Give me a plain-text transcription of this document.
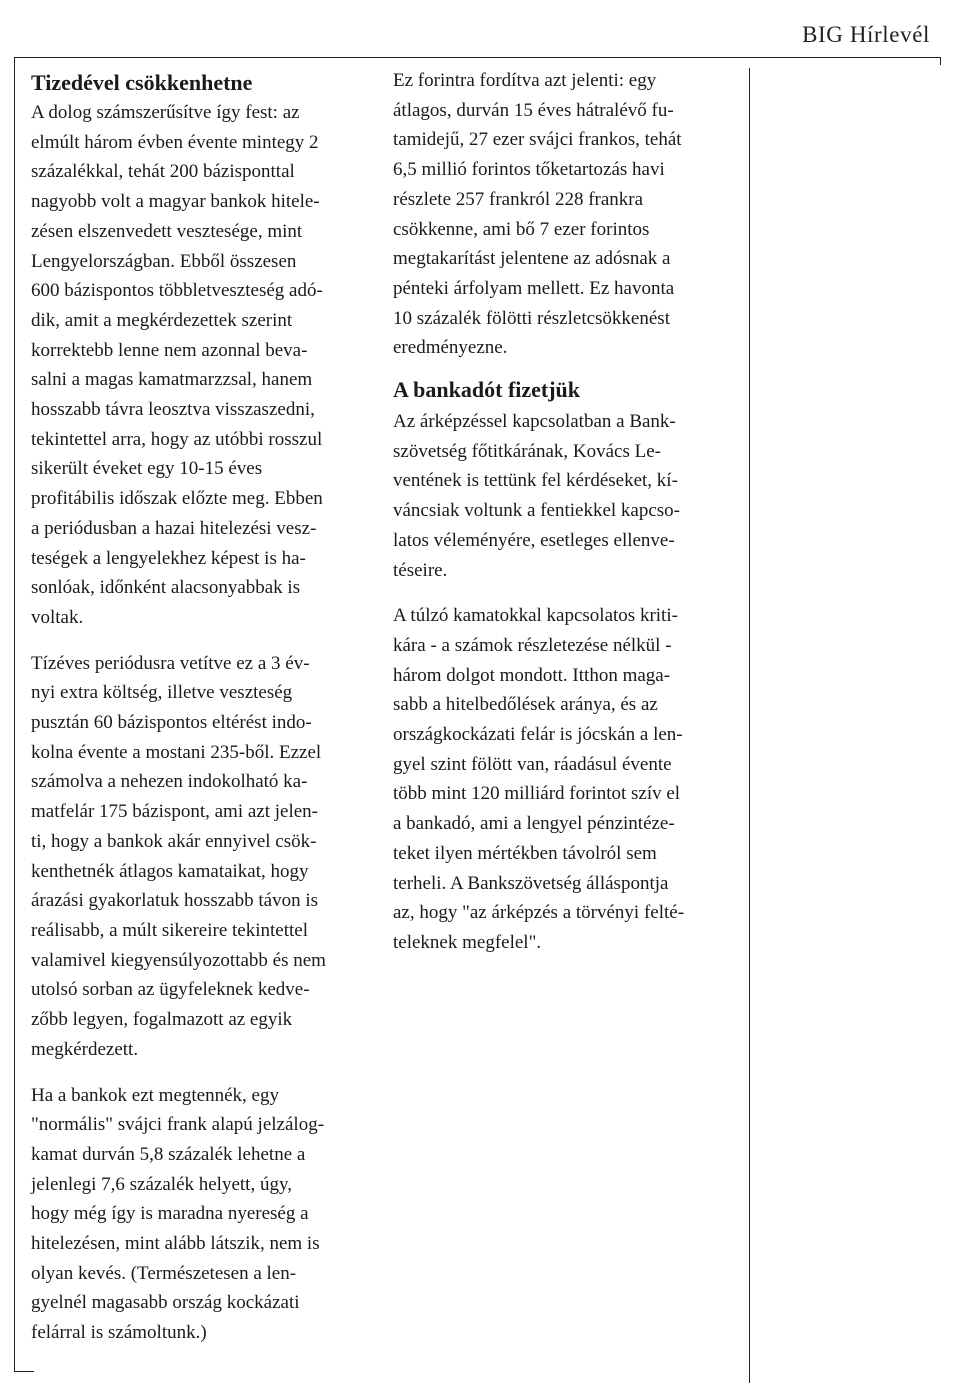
BIG Hírlevél
Tizedével csökkenhetne
A dolog számszerűsítve így fest: az
elmúlt három évben évente mintegy 2
százalékkal, tehát 200 bázisponttal
nagyobb volt a magyar bankok hitele-
zésen elszenvedett vesztesége, mint
Lengyelországban. Ebből összesen
600 bázispontos többletveszteség adó-
dik, amit a megkérdezettek szerint
korrektebb lenne nem azonnal beva-
salni a magas kamatmarzzsal, hanem
hosszabb távra leosztva visszaszedni,
tekintettel arra, hogy az utóbbi rosszul
sikerült éveket egy 10-15 éves
profitábilis időszak előzte meg. Ebben
a periódusban a hazai hitelezési vesz-
teségek a lengyelekhez képest is ha-
sonlóak, időnként alacsonyabbak is
voltak.
Tízéves periódusra vetítve ez a 3 év-
nyi extra költség, illetve veszteség
pusztán 60 bázispontos eltérést indo-
kolna évente a mostani 235-ből. Ezzel
számolva a nehezen indokolható ka-
matfelár 175 bázispont, ami azt jelen-
ti, hogy a bankok akár ennyivel csök-
kenthetnék átlagos kamataikat, hogy
árazási gyakorlatuk hosszabb távon is
reálisabb, a múlt sikereire tekintettel
valamivel kiegyensúlyozottabb és nem
utolsó sorban az ügyfeleknek kedve-
zőbb legyen, fogalmazott az egyik
megkérdezett.
Ha a bankok ezt megtennék, egy
"normális" svájci frank alapú jelzálog-
kamat durván 5,8 százalék lehetne a
jelenlegi 7,6 százalék helyett, úgy,
hogy még így is maradna nyereség a
hitelezésen, mint alább látszik, nem is
olyan kevés. (Természetesen a len-
gyelnél magasabb ország kockázati
felárral is számoltunk.)
Ez forintra fordítva azt jelenti: egy
átlagos, durván 15 éves hátralévő fu-
tamidejű, 27 ezer svájci frankos, tehát
6,5 millió forintos tőketartozás havi
részlete 257 frankról 228 frankra
csökkenne, ami bő 7 ezer forintos
megtakarítást jelentene az adósnak a
pénteki árfolyam mellett. Ez havonta
10 százalék fölötti részletcsökkenést
eredményezne.
A bankadót fizetjük
Az árképzéssel kapcsolatban a Bank-
szövetség főtitkárának, Kovács Le-
ventének is tettünk fel kérdéseket, kí-
váncsiak voltunk a fentiekkel kapcso-
latos véleményére, esetleges ellenve-
téseire.
A túlzó kamatokkal kapcsolatos kriti-
kára - a számok részletezése nélkül -
három dolgot mondott. Itthon maga-
sabb a hitelbedőlések aránya, és az
országkockázati felár is jócskán a len-
gyel szint fölött van, ráadásul évente
több mint 120 milliárd forintot szív el
a bankadó, ami a lengyel pénzintéze-
teket ilyen mértékben távolról sem
terheli. A Bankszövetség álláspontja
az, hogy "az árképzés a törvényi felté-
teleknek megfelel".
